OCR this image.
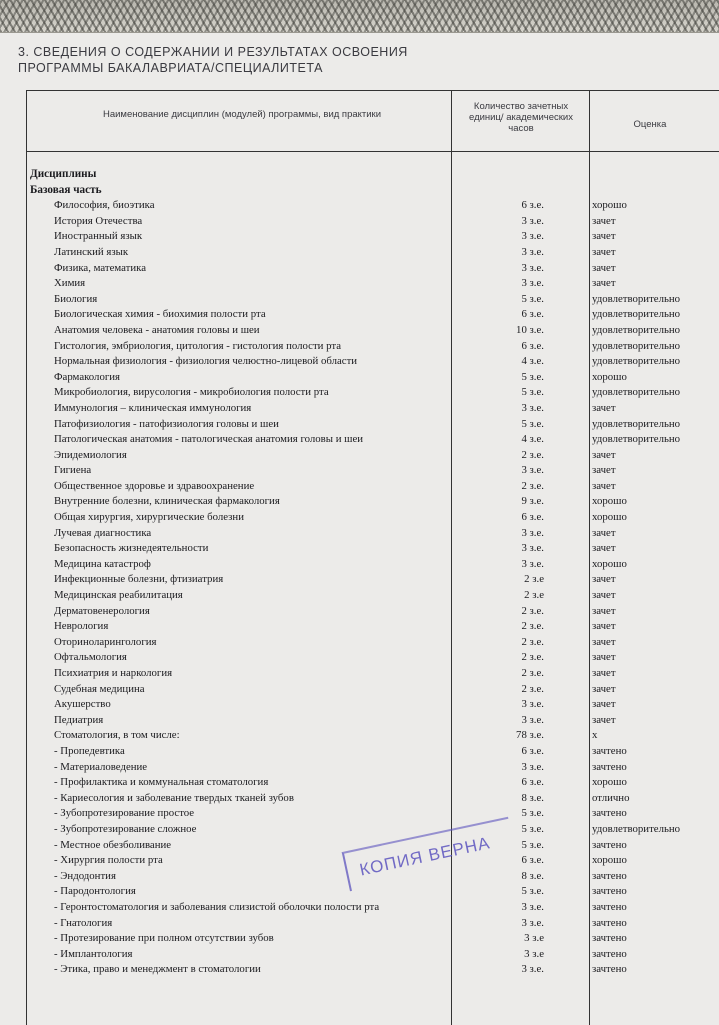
3. СВЕДЕНИЯ О СОДЕРЖАНИИ И РЕЗУЛЬТАТАХ ОСВОЕНИЯ ПРОГРАММЫ БАКАЛАВРИАТА/СПЕЦИАЛИТЕТА
Наименование дисциплин (модулей) программы, вид практики
Количество зачетных единиц/ академических часов	Оценка
Дисциплины
Базовая часть
Философия, биоэтика	6 з.е.	хорошо
История Отечества	3 з.е.	зачет
Иностранный язык	3 з.е.	зачет
Латинский язык	3 з.е.	зачет
Физика, математика	3 з.е.	зачет
Химия	3 з.е.	зачет
Биология	5 з.е.	удовлетворительно
Биологическая химия - биохимия полости рта	6 з.е.	удовлетворительно
Анатомия человека - анатомия головы и шеи	10 з.е.	удовлетворительно
Гистология, эмбриология, цитология - гистология полости рта	6 з.е.	удовлетворительно
Нормальная физиология - физиология челюстно-лицевой области	4 з.е.	удовлетворительно
Фармакология	5 з.е.	хорошо
Микробиология, вирусология - микробиология полости рта	5 з.е.	удовлетворительно
Иммунология – клиническая иммунология	3 з.е.	зачет
Патофизиология - патофизиология головы и шеи	5 з.е.	удовлетворительно
Патологическая анатомия - патологическая анатомия головы и шеи	4 з.е.	удовлетворительно
Эпидемиология	2 з.е.	зачет
Гигиена	3 з.е.	зачет
Общественное здоровье и здравоохранение	2 з.е.	зачет
Внутренние болезни, клиническая фармакология	9 з.е.	хорошо
Общая хирургия, хирургические болезни	6 з.е.	хорошо
Лучевая диагностика	3 з.е.	зачет
Безопасность жизнедеятельности	3 з.е.	зачет
Медицина катастроф	3 з.е.	хорошо
Инфекционные болезни, фтизиатрия	2 з.е	зачет
Медицинская реабилитация	2 з.е	зачет
Дерматовенерология	2 з.е.	зачет
Неврология	2 з.е.	зачет
Оториноларингология	2 з.е.	зачет
Офтальмология	2 з.е.	зачет
Психиатрия и наркология	2 з.е.	зачет
Судебная медицина	2 з.е.	зачет
Акушерство	3 з.е.	зачет
Педиатрия	3 з.е.	зачет
Стоматология, в том числе:	78 з.е.	х
- Пропедевтика	6 з.е.	зачтено
- Материаловедение	3 з.е.	зачтено
- Профилактика и коммунальная стоматология	6 з.е.	хорошо
- Кариесология и заболевание твердых тканей зубов	8 з.е.	отлично
- Зубопротезирование простое	5 з.е.	зачтено
- Зубопротезирование сложное	5 з.е.	удовлетворительно
- Местное обезболивание	5 з.е.	зачтено
- Хирургия полости рта	6 з.е.	хорошо
- Эндодонтия	8 з.е.	зачтено
- Пародонтология	5 з.е.	зачтено
- Геронтостоматология и заболевания слизистой оболочки полости рта	3 з.е.	зачтено
- Гнатология	3 з.е.	зачтено
- Протезирование при полном отсутствии зубов	3 з.е	зачтено
- Имплантология	3 з.е	зачтено
- Этика, право и менеджмент в стоматологии	3 з.е.	зачтено
КОПИЯ ВЕРНА
